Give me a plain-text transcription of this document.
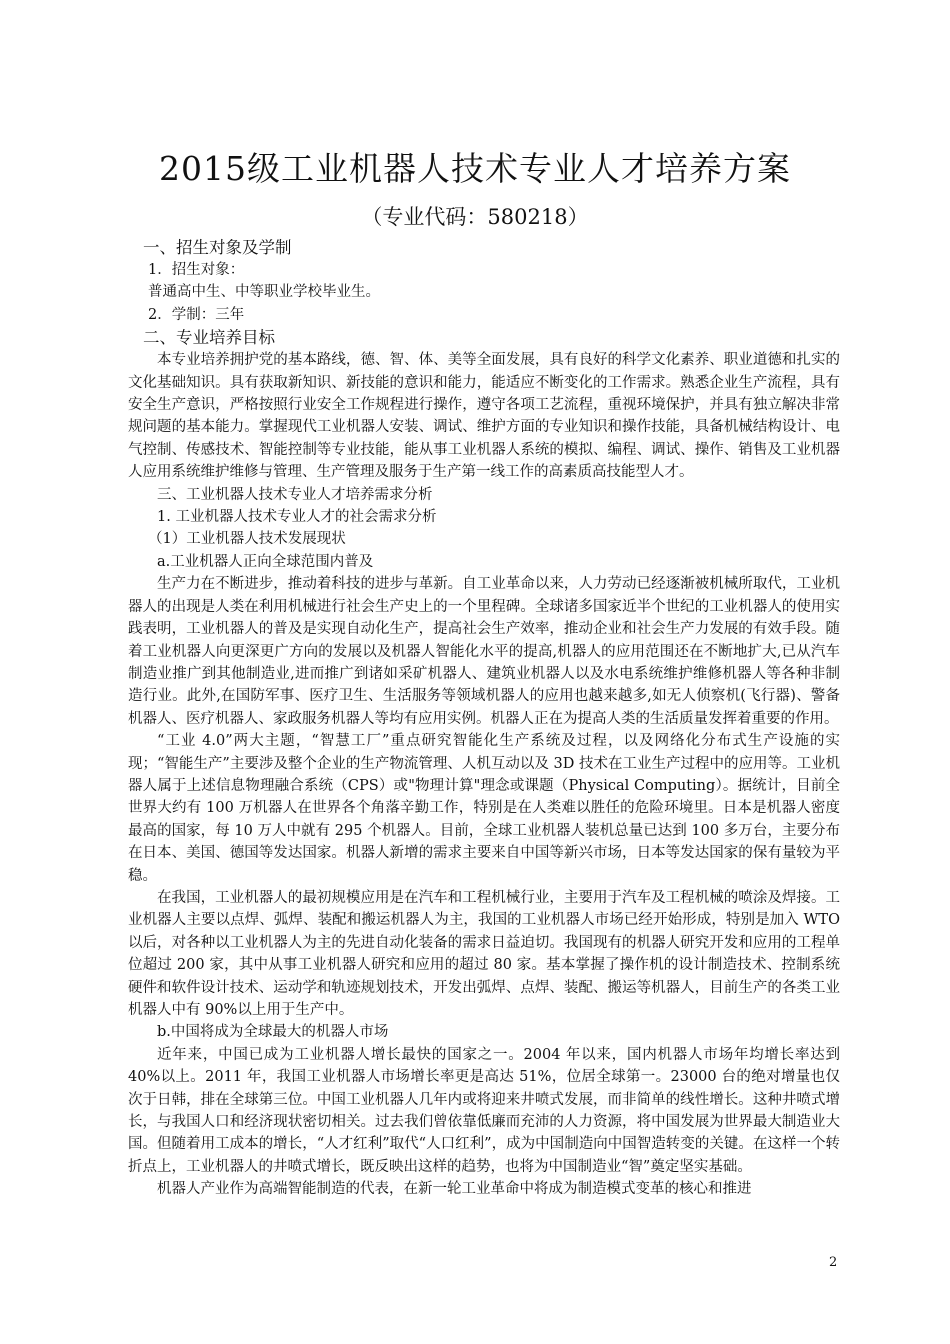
2015级工业机器人技术专业人才培养方案
（专业代码：580218）

一、招生对象及学制

1．招生对象：

普通高中生、中等职业学校毕业生。

2．学制：三年

二、专业培养目标

本专业培养拥护党的基本路线，德、智、体、美等全面发展，具有良好的科学文化素养、职业道德和扎实的文化基础知识。具有获取新知识、新技能的意识和能力，能适应不断变化的工作需求。熟悉企业生产流程，具有安全生产意识，严格按照行业安全工作规程进行操作，遵守各项工艺流程，重视环境保护，并具有独立解决非常规问题的基本能力。掌握现代工业机器人安装、调试、维护方面的专业知识和操作技能，具备机械结构设计、电气控制、传感技术、智能控制等专业技能，能从事工业机器人系统的模拟、编程、调试、操作、销售及工业机器人应用系统维护维修与管理、生产管理及服务于生产第一线工作的高素质高技能型人才。

三、工业机器人技术专业人才培养需求分析

1. 工业机器人技术专业人才的社会需求分析

（1）工业机器人技术发展现状

a.工业机器人正向全球范围内普及

生产力在不断进步，推动着科技的进步与革新。自工业革命以来，人力劳动已经逐渐被机械所取代，工业机器人的出现是人类在利用机械进行社会生产史上的一个里程碑。全球诸多国家近半个世纪的工业机器人的使用实践表明，工业机器人的普及是实现自动化生产，提高社会生产效率，推动企业和社会生产力发展的有效手段。随着工业机器人向更深更广方向的发展以及机器人智能化水平的提高,机器人的应用范围还在不断地扩大,已从汽车制造业推广到其他制造业,进而推广到诸如采矿机器人、建筑业机器人以及水电系统维护维修机器人等各种非制造行业。此外,在国防军事、医疗卫生、生活服务等领域机器人的应用也越来越多,如无人侦察机(飞行器)、警备机器人、医疗机器人、家政服务机器人等均有应用实例。机器人正在为提高人类的生活质量发挥着重要的作用。

“工业 4.0”两大主题，“智慧工厂”重点研究智能化生产系统及过程，以及网络化分布式生产设施的实现；“智能生产”主要涉及整个企业的生产物流管理、人机互动以及 3D 技术在工业生产过程中的应用等。工业机器人属于上述信息物理融合系统（CPS）或"物理计算"理念或课题（Physical Computing）。据统计，目前全世界大约有 100 万机器人在世界各个角落辛勤工作，特别是在人类难以胜任的危险环境里。日本是机器人密度最高的国家，每 10 万人中就有 295 个机器人。目前，全球工业机器人装机总量已达到 100 多万台，主要分布在日本、美国、德国等发达国家。机器人新增的需求主要来自中国等新兴市场，日本等发达国家的保有量较为平稳。

在我国，工业机器人的最初规模应用是在汽车和工程机械行业，主要用于汽车及工程机械的喷涂及焊接。工业机器人主要以点焊、弧焊、装配和搬运机器人为主，我国的工业机器人市场已经开始形成，特别是加入 WTO 以后，对各种以工业机器人为主的先进自动化装备的需求日益迫切。我国现有的机器人研究开发和应用的工程单位超过 200 家，其中从事工业机器人研究和应用的超过 80 家。基本掌握了操作机的设计制造技术、控制系统硬件和软件设计技术、运动学和轨迹规划技术，开发出弧焊、点焊、装配、搬运等机器人，目前生产的各类工业机器人中有 90%以上用于生产中。

b.中国将成为全球最大的机器人市场

近年来，中国已成为工业机器人增长最快的国家之一。2004 年以来，国内机器人市场年均增长率达到 40%以上。2011 年，我国工业机器人市场增长率更是高达 51%，位居全球第一。23000 台的绝对增量也仅次于日韩，排在全球第三位。中国工业机器人几年内或将迎来井喷式发展，而非简单的线性增长。这种井喷式增长，与我国人口和经济现状密切相关。过去我们曾依靠低廉而充沛的人力资源，将中国发展为世界最大制造业大国。但随着用工成本的增长，“人才红利”取代“人口红利”，成为中国制造向中国智造转变的关键。在这样一个转折点上，工业机器人的井喷式增长，既反映出这样的趋势，也将为中国制造业“智”奠定坚实基础。

机器人产业作为高端智能制造的代表，在新一轮工业革命中将成为制造模式变革的核心和推进

2
